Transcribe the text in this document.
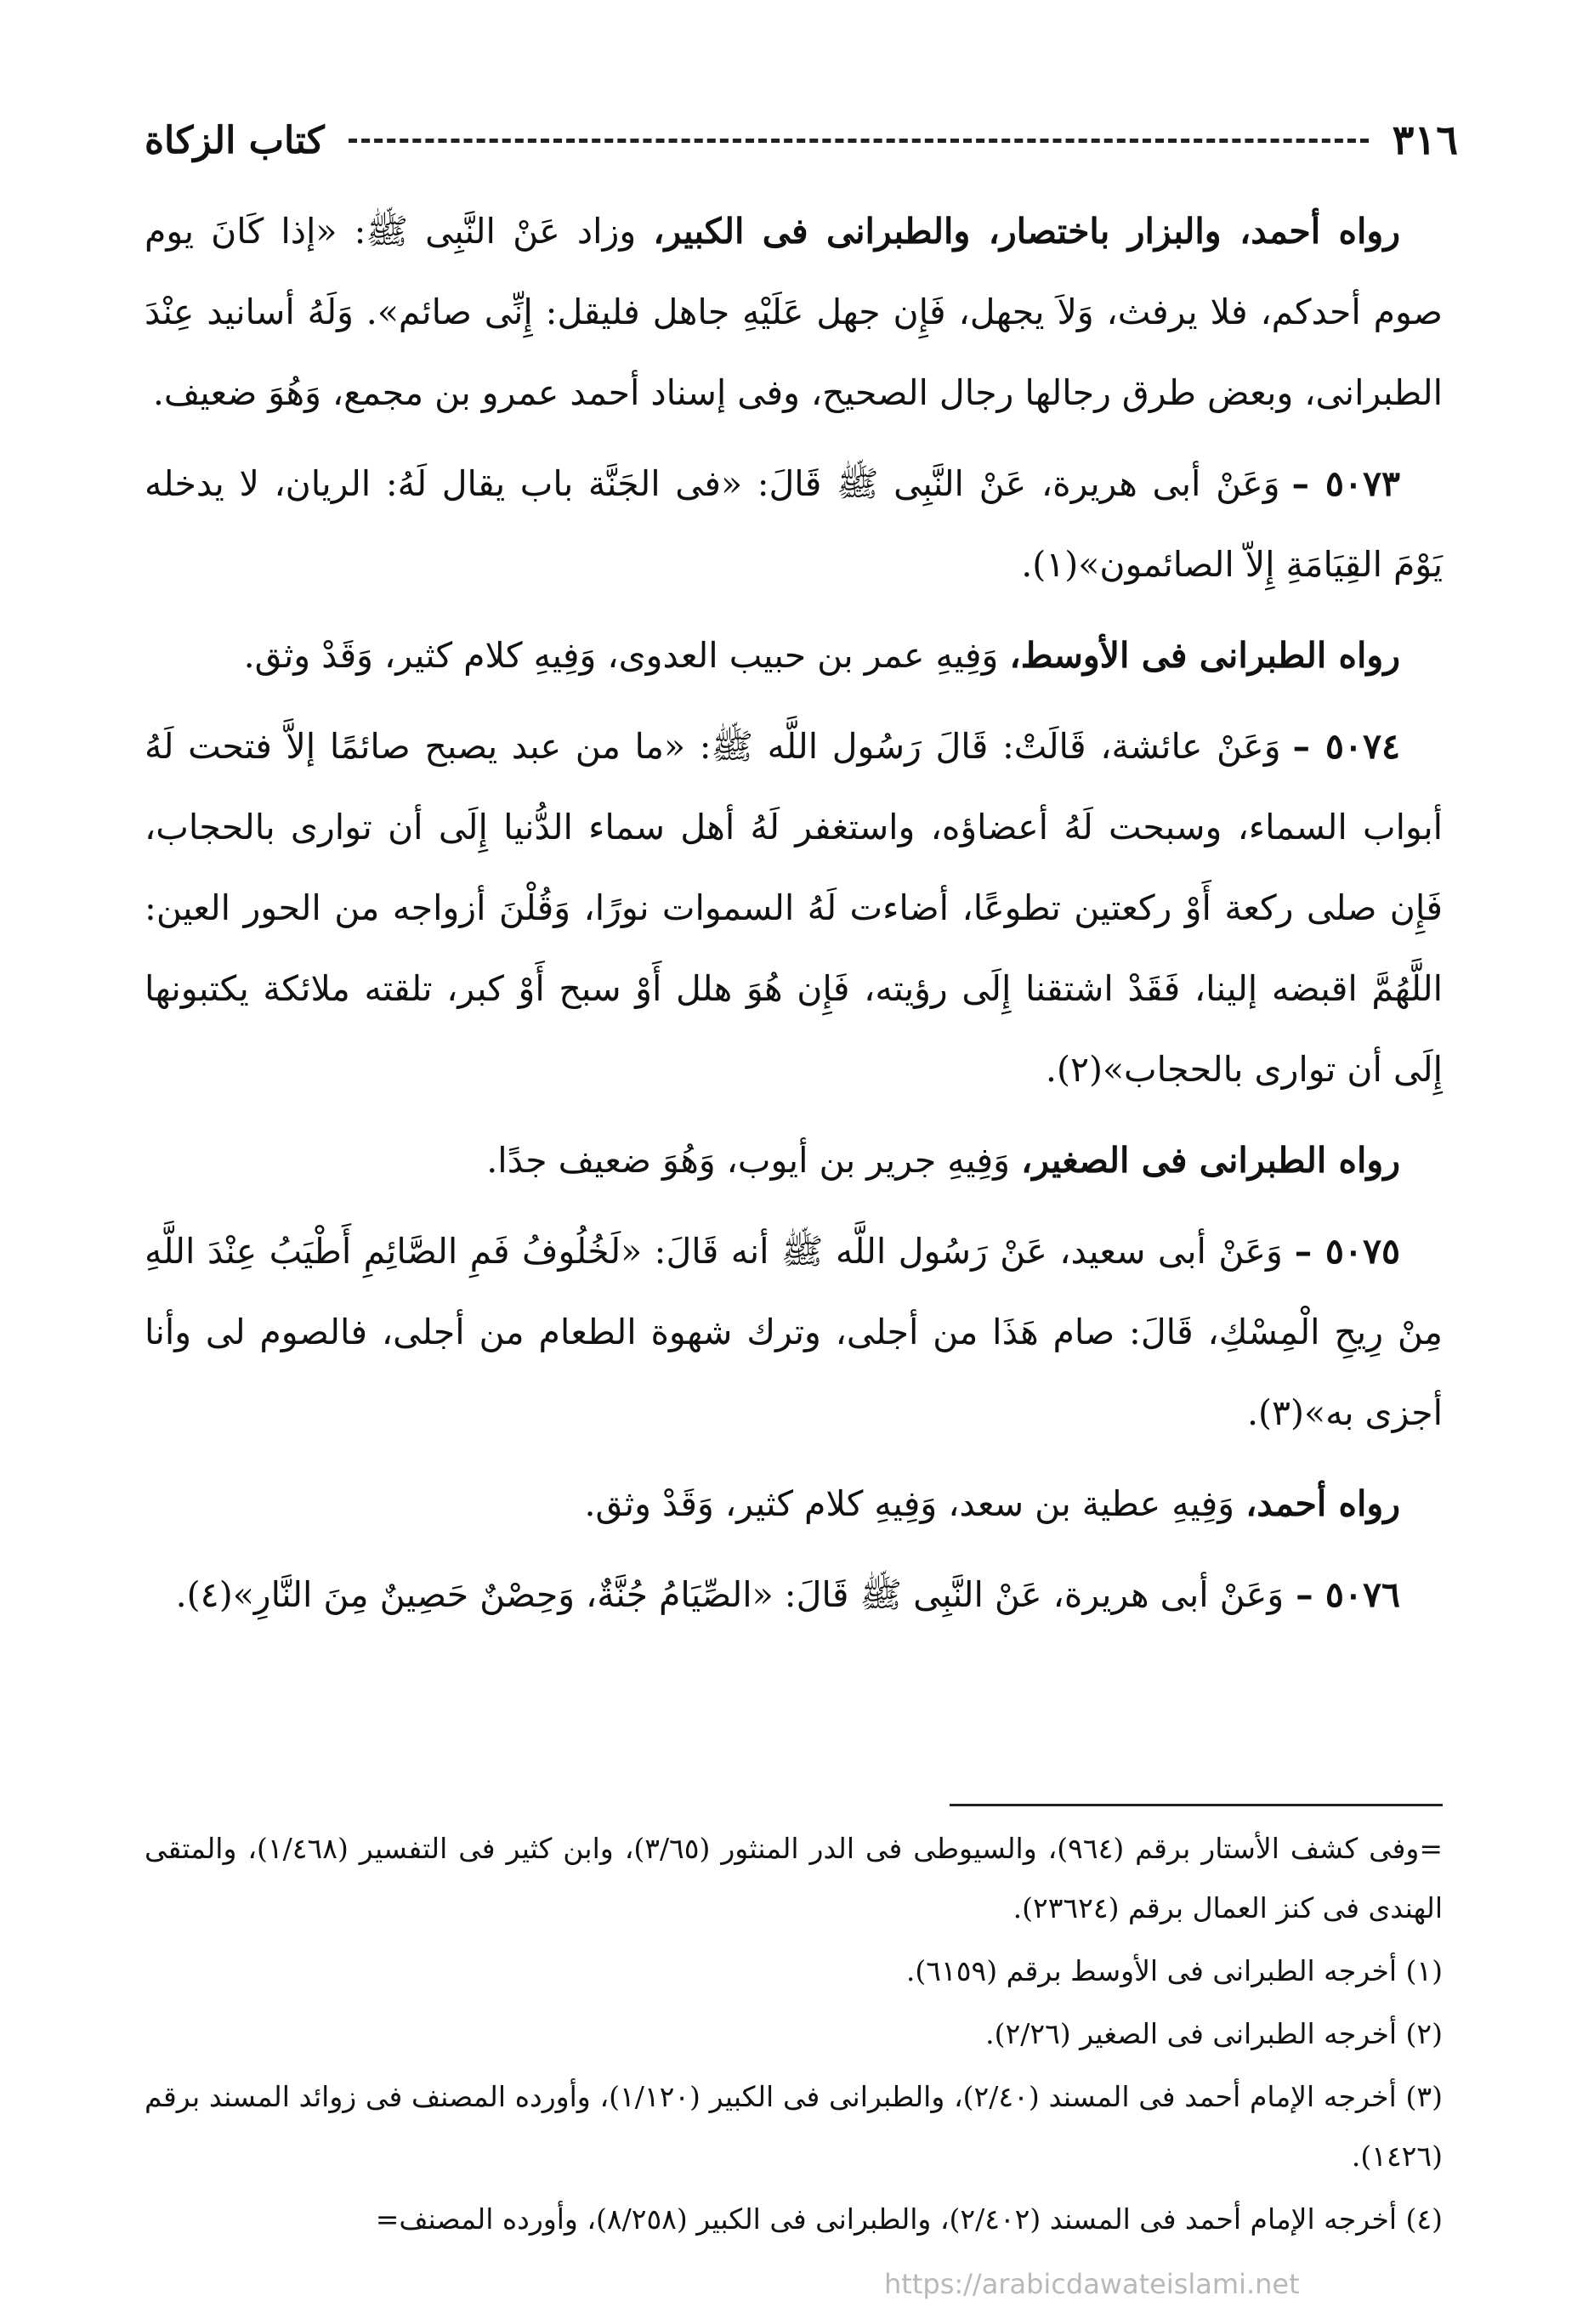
كتاب الزكاة	٣١٦

رواه أحمد، والبزار باختصار، والطبرانى فى الكبير، وزاد عَنْ النَّبِى ﷺ: «إذا كَانَ يوم صوم أحدكم، فلا يرفث، وَلاَ يجهل، فَإِن جهل عَلَيْهِ جاهل فليقل: إِنِّى صائم». وَلَهُ أسانيد عِنْدَ الطبرانى، وبعض طرق رجالها رجال الصحيح، وفى إسناد أحمد عمرو بن مجمع، وَهُوَ ضعيف.

٥٠٧٣ –وَعَنْ أبى هريرة، عَنْ النَّبِى ﷺ قَالَ: «فى الجَنَّة باب يقال لَهُ: الريان، لا يدخله يَوْمَ القِيَامَةِ إِلاّ الصائمون»(١).

رواه الطبرانى فى الأوسط، وَفِيهِ عمر بن حبيب العدوى، وَفِيهِ كلام كثير، وَقَدْ وثق.

٥٠٧٤ –وَعَنْ عائشة، قَالَتْ: قَالَ رَسُول اللَّه ﷺ: «ما من عبد يصبح صائمًا إلاَّ فتحت لَهُ أبواب السماء، وسبحت لَهُ أعضاؤه، واستغفر لَهُ أهل سماء الدُّنيا إِلَى أن توارى بالحجاب، فَإِن صلى ركعة أَوْ ركعتين تطوعًا، أضاءت لَهُ السموات نورًا، وَقُلْنَ أزواجه من الحور العين: اللَّهُمَّ اقبضه إلينا، فَقَدْ اشتقنا إِلَى رؤيته، فَإِن هُوَ هلل أَوْ سبح أَوْ كبر، تلقته ملائكة يكتبونها إِلَى أن توارى بالحجاب»(٢).

رواه الطبرانى فى الصغير، وَفِيهِ جرير بن أيوب، وَهُوَ ضعيف جدًا.

٥٠٧٥ –وَعَنْ أبى سعيد، عَنْ رَسُول اللَّه ﷺ أنه قَالَ: «لَخُلُوفُ فَمِ الصَّائِمِ أَطْيَبُ عِنْدَ اللَّهِ مِنْ رِيحِ الْمِسْكِ، قَالَ: صام هَذَا من أجلى، وترك شهوة الطعام من أجلى، فالصوم لى وأنا أجزى به»(٣).

رواه أحمد، وَفِيهِ عطية بن سعد، وَفِيهِ كلام كثير، وَقَدْ وثق.

٥٠٧٦ –وَعَنْ أبى هريرة، عَنْ النَّبِى ﷺ قَالَ: «الصِّيَامُ جُنَّةٌ، وَحِصْنٌ حَصِينٌ مِنَ النَّارِ»(٤).

=وفى كشف الأستار برقم (٩٦٤)، والسيوطى فى الدر المنثور (٣/٦٥)، وابن كثير فى التفسير (١/٤٦٨)، والمتقى الهندى فى كنز العمال برقم (٢٣٦٢٤).

(١) أخرجه الطبرانى فى الأوسط برقم (٦١٥٩).

(٢) أخرجه الطبرانى فى الصغير (٢/٢٦).

(٣) أخرجه الإمام أحمد فى المسند (٢/٤٠)، والطبرانى فى الكبير (١/١٢٠)، وأورده المصنف فى زوائد المسند برقم (١٤٢٦).

(٤) أخرجه الإمام أحمد فى المسند (٢/٤٠٢)، والطبرانى فى الكبير (٨/٢٥٨)، وأورده المصنف=

https://arabicdawateislami.net
